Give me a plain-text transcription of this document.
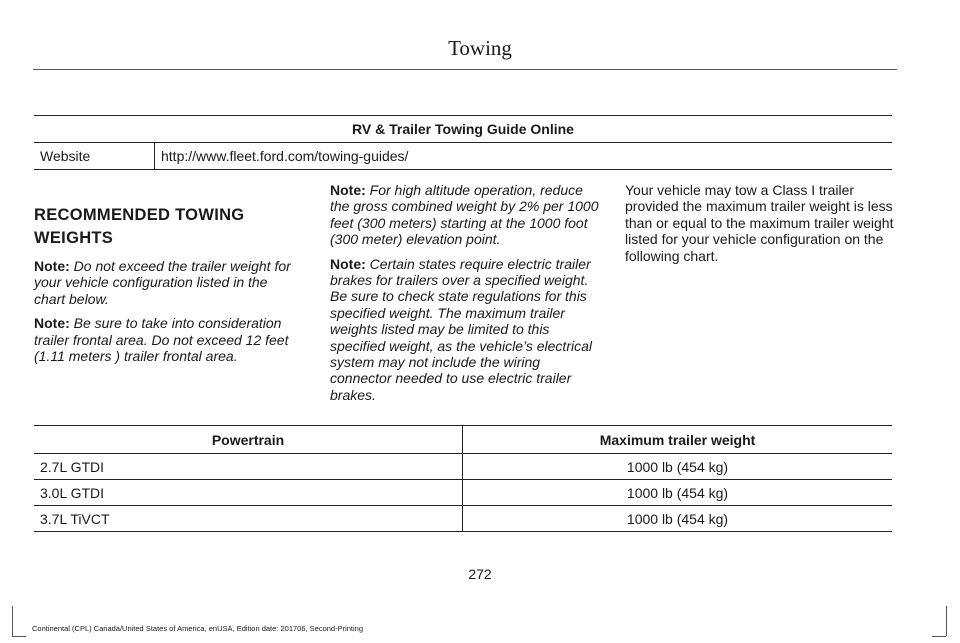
Towing
RV & Trailer Towing Guide Online
Website	http://www.fleet.ford.com/towing-guides/
RECOMMENDED TOWING WEIGHTS

Note: Do not exceed the trailer weight for your vehicle configuration listed in the chart below.

Note: Be sure to take into consideration trailer frontal area. Do not exceed 12 feet (1.11 meters ) trailer frontal area.

Note: For high altitude operation, reduce the gross combined weight by 2% per 1000 feet (300 meters) starting at the 1000 foot (300 meter) elevation point.

Note: Certain states require electric trailer brakes for trailers over a specified weight. Be sure to check state regulations for this specified weight. The maximum trailer weights listed may be limited to this specified weight, as the vehicle’s electrical system may not include the wiring connector needed to use electric trailer brakes.

Your vehicle may tow a Class I trailer provided the maximum trailer weight is less than or equal to the maximum trailer weight listed for your vehicle configuration on the following chart.

Powertrain	Maximum trailer weight
2.7L GTDI	1000 lb (454 kg)
3.0L GTDI	1000 lb (454 kg)
3.7L TiVCT	1000 lb (454 kg)
272
Continental (CPL) Canada/United States of America, enUSA, Edition date: 201706, Second-Printing
